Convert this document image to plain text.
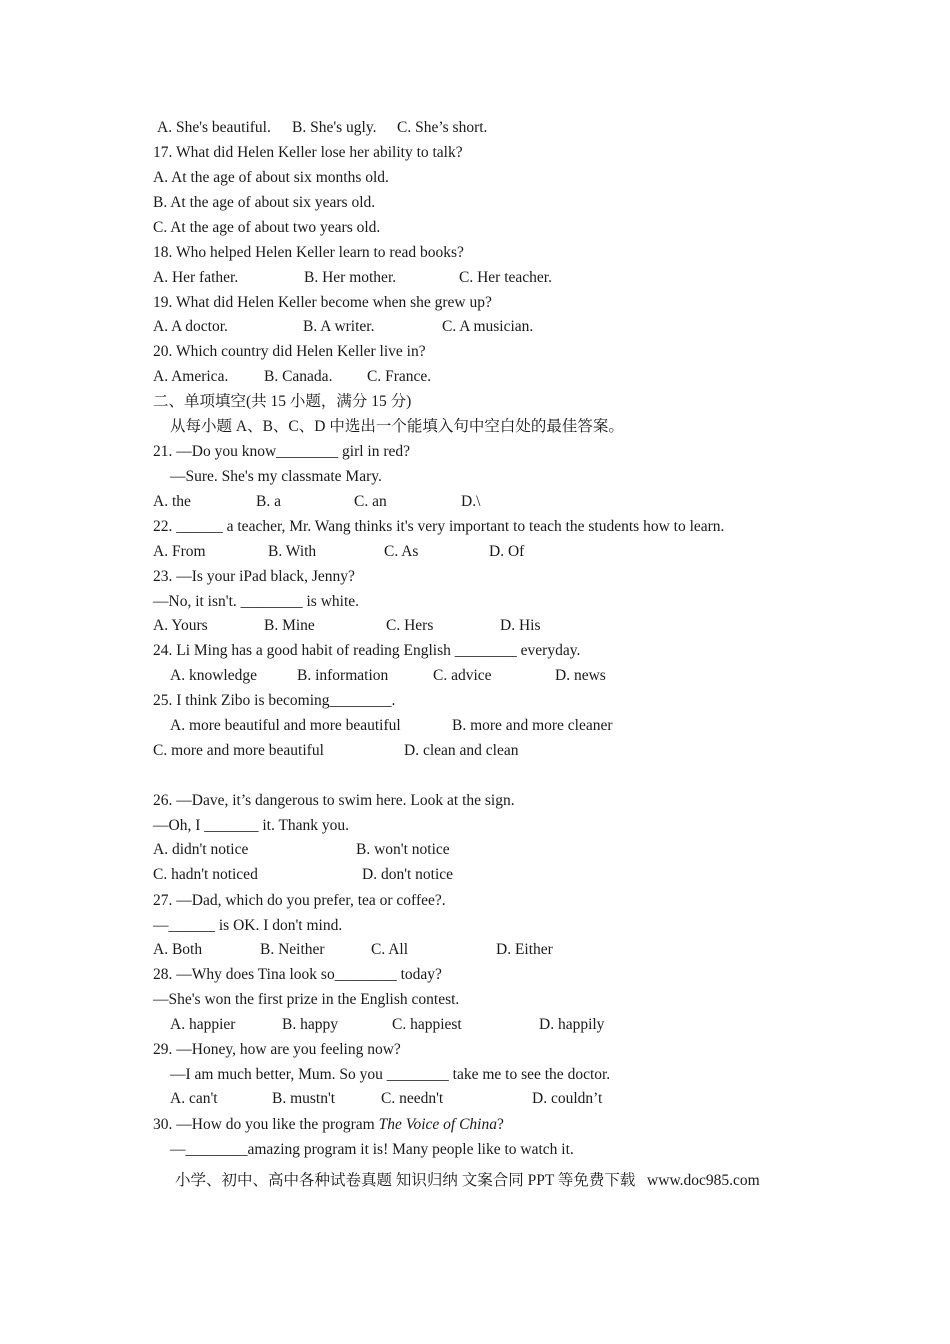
A. She's beautiful. B. She's ugly. C. She’s short.
17. What did Helen Keller lose her ability to talk?
A. At the age of about six months old.
B. At the age of about six years old.
C. At the age of about two years old.
18. Who helped Helen Keller learn to read books?
A. Her father.	B. Her mother.	C. Her teacher.
19. What did Helen Keller become when she grew up?
A. A doctor.	B. A writer.	C. A musician.
20. Which country did Helen Keller live in?
A. America. B. Canada. C. France.
二、单项填空(共 15 小题，满分 15 分)
从每小题 A、B、C、D 中选出一个能填入句中空白处的最佳答案。
21. —Do you know________ girl in red?
—Sure. She's my classmate Mary.
A. the	B. a	C. an	D.\
22. ______ a teacher, Mr. Wang thinks it's very important to teach the students how to learn.
A. From	B. With	C. As	D. Of
23. —Is your iPad black, Jenny?
—No, it isn't. ________ is white.
A. Yours	B. Mine	C. Hers	D. His
24. Li Ming has a good habit of reading English ________ everyday.
A. knowledge	B. information	C. advice	D. news
25. I think Zibo is becoming________.
A. more beautiful and more beautiful	B. more and more cleaner
C. more and more beautiful	D. clean and clean
26. —Dave, it’s dangerous to swim here. Look at the sign.
—Oh, I _______ it. Thank you.
A. didn't notice	B. won't notice
C. hadn't noticed	D. don't notice
27. —Dad, which do you prefer, tea or coffee?.
—______ is OK. I don't mind.
A. Both	B. Neither	C. All	D. Either
28. —Why does Tina look so________ today?
—She's won the first prize in the English contest.
A. happier	B. happy	C. happiest	D. happily
29. —Honey, how are you feeling now?
—I am much better, Mum. So you ________ take me to see the doctor.
A. can't	B. mustn't	C. needn't	D. couldn’t
30. —How do you like the program The Voice of China?
—________amazing program it is! Many people like to watch it.
小学、初中、高中各种试卷真题 知识归纳 文案合同 PPT 等免费下载   www.doc985.com
